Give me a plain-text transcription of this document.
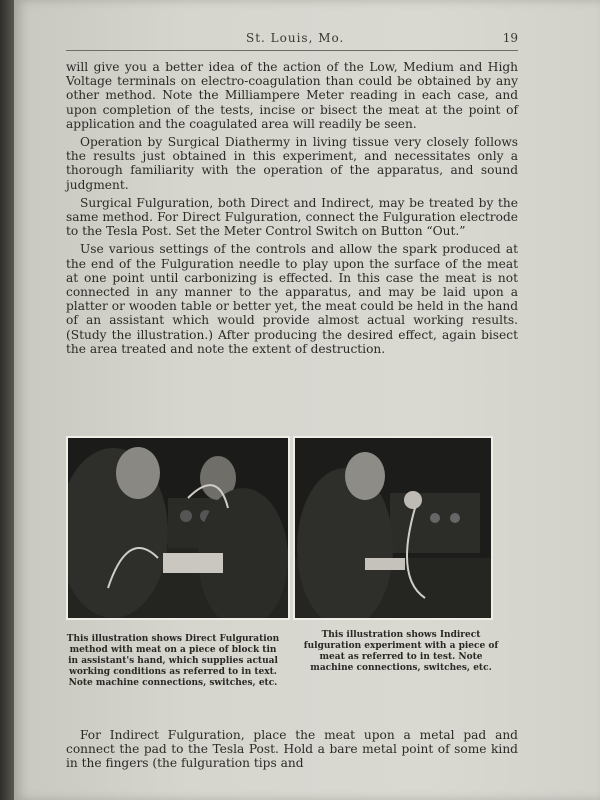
St. Louis, Mo.	19

will give you a better idea of the action of the Low, Medium and High Voltage terminals on electro-coagulation than could be obtained by any other method. Note the Milliampere Meter reading in each case, and upon completion of the tests, incise or bisect the meat at the point of application and the coagulated area will readily be seen.

Operation by Surgical Diathermy in living tissue very closely follows the results just obtained in this experiment, and necessitates only a thorough familiarity with the operation of the apparatus, and sound judgment.

Surgical Fulguration, both Direct and Indirect, may be treated by the same method. For Direct Fulguration, connect the Fulguration electrode to the Tesla Post. Set the Meter Control Switch on Button “Out.”

Use various settings of the controls and allow the spark produced at the end of the Fulguration needle to play upon the surface of the meat at one point until carbonizing is effected. In this case the meat is not connected in any manner to the apparatus, and may be laid upon a platter or wooden table or better yet, the meat could be held in the hand of an assistant which would provide almost actual working results. (Study the illustration.) After producing the desired effect, again bisect the area treated and note the extent of destruction.

This illustration shows Direct Fulguration method with meat on a piece of block tin in assistant's hand, which supplies actual working conditions as referred to in text. Note machine connections, switches, etc.
This illustration shows Indirect fulguration experiment with a piece of meat as referred to in test. Note machine connections, switches, etc.

For Indirect Fulguration, place the meat upon a metal pad and connect the pad to the Tesla Post. Hold a bare metal point of some kind in the fingers (the fulguration tips and
